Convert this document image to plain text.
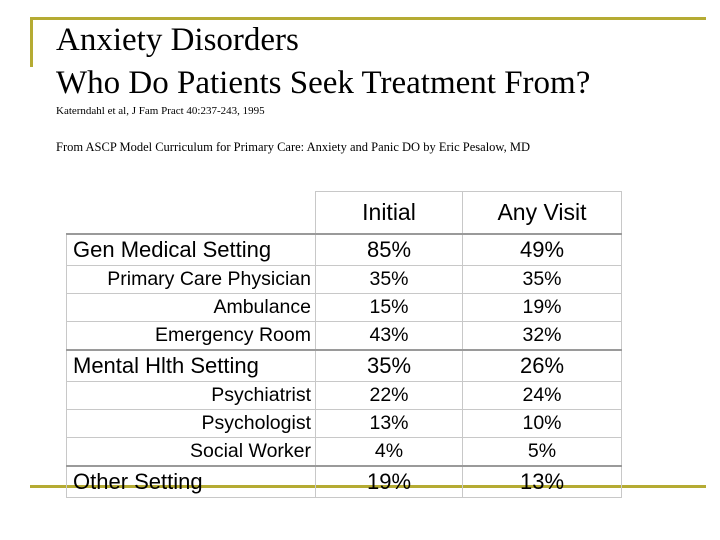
Anxiety Disorders
Who Do Patients Seek Treatment From?
Katerndahl et al, J Fam Pract 40:237-243, 1995
From ASCP Model Curriculum for Primary Care: Anxiety and Panic DO by Eric Pesalow, MD
	Initial	Any Visit
Gen Medical Setting	85%	49%
Primary Care Physician	35%	35%
Ambulance	15%	19%
Emergency Room	43%	32%
Mental Hlth Setting	35%	26%
Psychiatrist	22%	24%
Psychologist	13%	10%
Social Worker	4%	5%
Other Setting	19%	13%
